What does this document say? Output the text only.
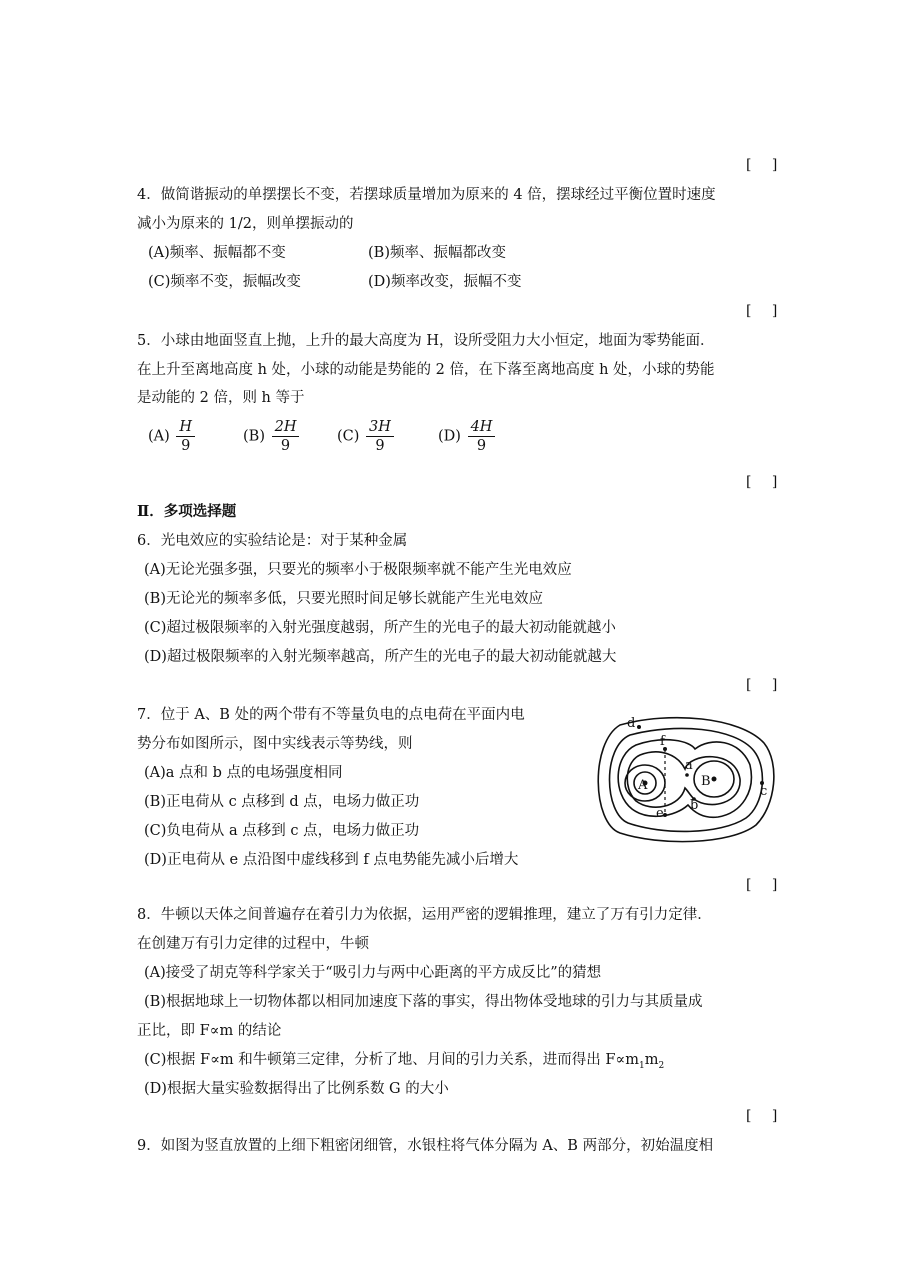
[ ]
4．做简谐振动的单摆摆长不变，若摆球质量增加为原来的 4 倍，摆球经过平衡位置时速度
减小为原来的 1/2，则单摆振动的
(A)频率、振幅都不变	(B)频率、振幅都改变
(C)频率不变，振幅改变	(D)频率改变，振幅不变
[ ]
5．小球由地面竖直上抛，上升的最大高度为 H，设所受阻力大小恒定，地面为零势能面．
在上升至离地高度 h 处，小球的动能是势能的 2 倍，在下落至离地高度 h 处，小球的势能
是动能的 2 倍，则 h 等于
$(A) \frac{H}{9}$	$(B) \frac{2H}{9}$	$(C) \frac{3H}{9}$	$(D) \frac{4H}{9}$
[ ]
Ⅱ．多项选择题
6．光电效应的实验结论是：对于某种金属
(A)无论光强多强，只要光的频率小于极限频率就不能产生光电效应
(B)无论光的频率多低，只要光照时间足够长就能产生光电效应
(C)超过极限频率的入射光强度越弱，所产生的光电子的最大初动能就越小
(D)超过极限频率的入射光频率越高，所产生的光电子的最大初动能就越大
[ ]
7．位于 A、B 处的两个带有不等量负电的点电荷在平面内电
势分布如图所示，图中实线表示等势线，则
(A)a 点和 b 点的电场强度相同
(B)正电荷从 c 点移到 d 点，电场力做正功
(C)负电荷从 a 点移到 c 点，电场力做正功
(D)正电荷从 e 点沿图中虚线移到 f 点电势能先减小后增大
d
f
a
A	B
b
c
e
[ ]
8．牛顿以天体之间普遍存在着引力为依据，运用严密的逻辑推理，建立了万有引力定律．
在创建万有引力定律的过程中，牛顿
(A)接受了胡克等科学家关于“吸引力与两中心距离的平方成反比”的猜想
(B)根据地球上一切物体都以相同加速度下落的事实，得出物体受地球的引力与其质量成
正比，即 F∝m 的结论
(C)根据 F∝m 和牛顿第三定律，分析了地、月间的引力关系，进而得出 $F\propto m_1m_2$
(D)根据大量实验数据得出了比例系数 G 的大小
[ ]
9．如图为竖直放置的上细下粗密闭细管，水银柱将气体分隔为 A、B 两部分，初始温度相
